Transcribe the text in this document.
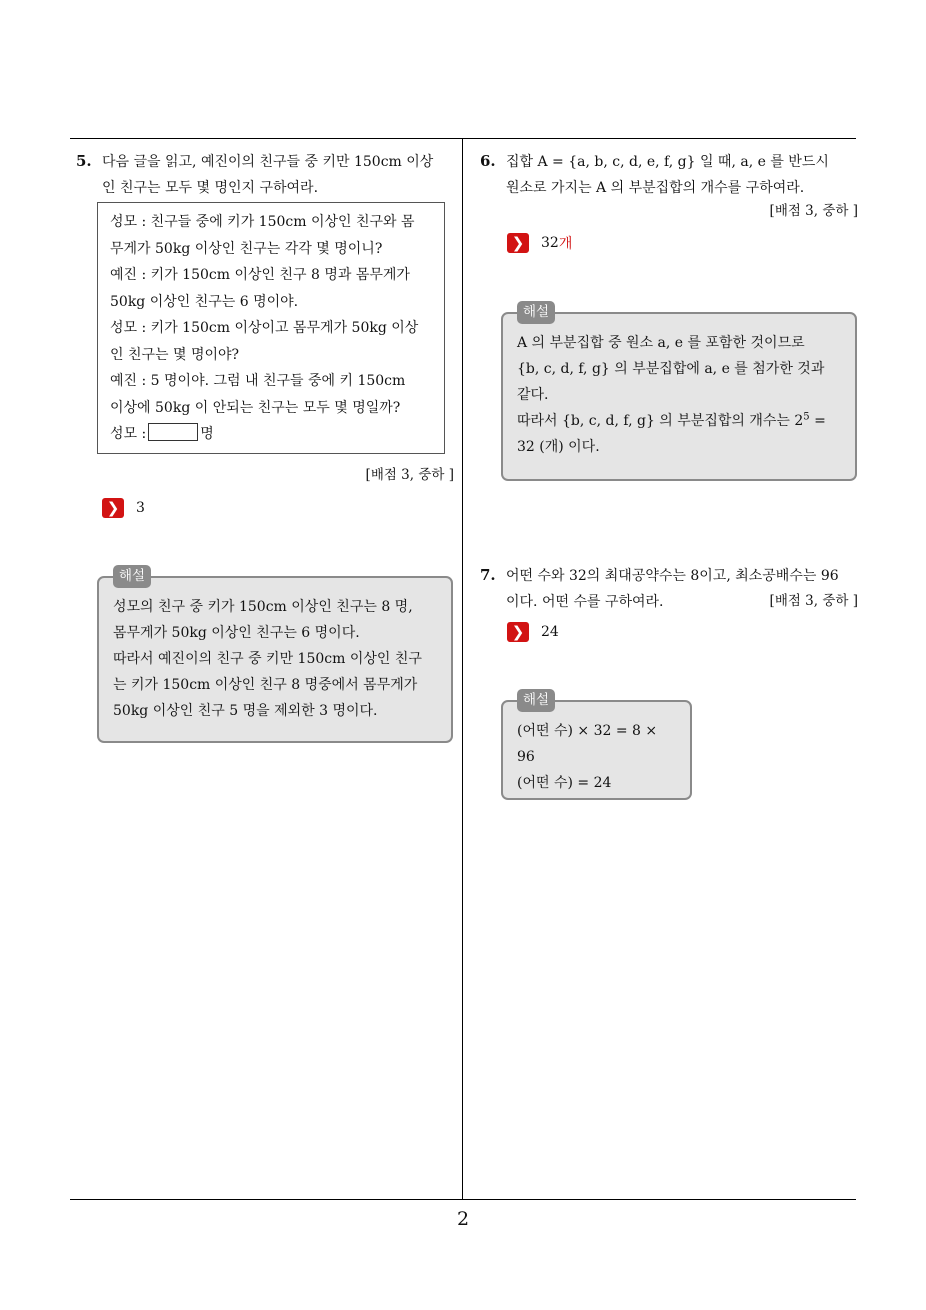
5. 다음 글을 읽고, 예진이의 친구들 중 키만 150cm 이상
인 친구는 모두 몇 명인지 구하여라.
성모 : 친구들 중에 키가 150cm 이상인 친구와 몸
무게가 50kg 이상인 친구는 각각 몇 명이니?
예진 : 키가 150cm 이상인 친구 8 명과 몸무게가
50kg 이상인 친구는 6 명이야.
성모 : 키가 150cm 이상이고 몸무게가 50kg 이상
인 친구는 몇 명이야?
예진 : 5 명이야. 그럼 내 친구들 중에 키 150cm
이상에 50kg 이 안되는 친구는 모두 몇 명일까?
성모 :	명
[배점 3, 중하 ]
❯ 3
해설
성모의 친구 중 키가 150cm 이상인 친구는 8 명,
몸무게가 50kg 이상인 친구는 6 명이다.
따라서 예진이의 친구 중 키만 150cm 이상인 친구
는 키가 150cm 이상인 친구 8 명중에서 몸무게가
50kg 이상인 친구 5 명을 제외한 3 명이다.
6. 집합 A = {a, b, c, d, e, f, g} 일 때, a, e 를 반드시
원소로 가지는 A 의 부분집합의 개수를 구하여라.
[배점 3, 중하 ]
❯ 32 개
해설
A 의 부분집합 중 원소 a, e 를 포함한 것이므로
{b, c, d, f, g} 의 부분집합에 a, e 를 첨가한 것과
같다.
따라서 {b, c, d, f, g} 의 부분집합의 개수는 $2^5$ =
32 (개) 이다.
7. 어떤 수와 32의 최대공약수는 8이고, 최소공배수는 96
이다. 어떤 수를 구하여라.	[배점 3, 중하 ]
❯ 24
해설
(어떤 수) × 32 = 8 × 96
(어떤 수) = 24
2
